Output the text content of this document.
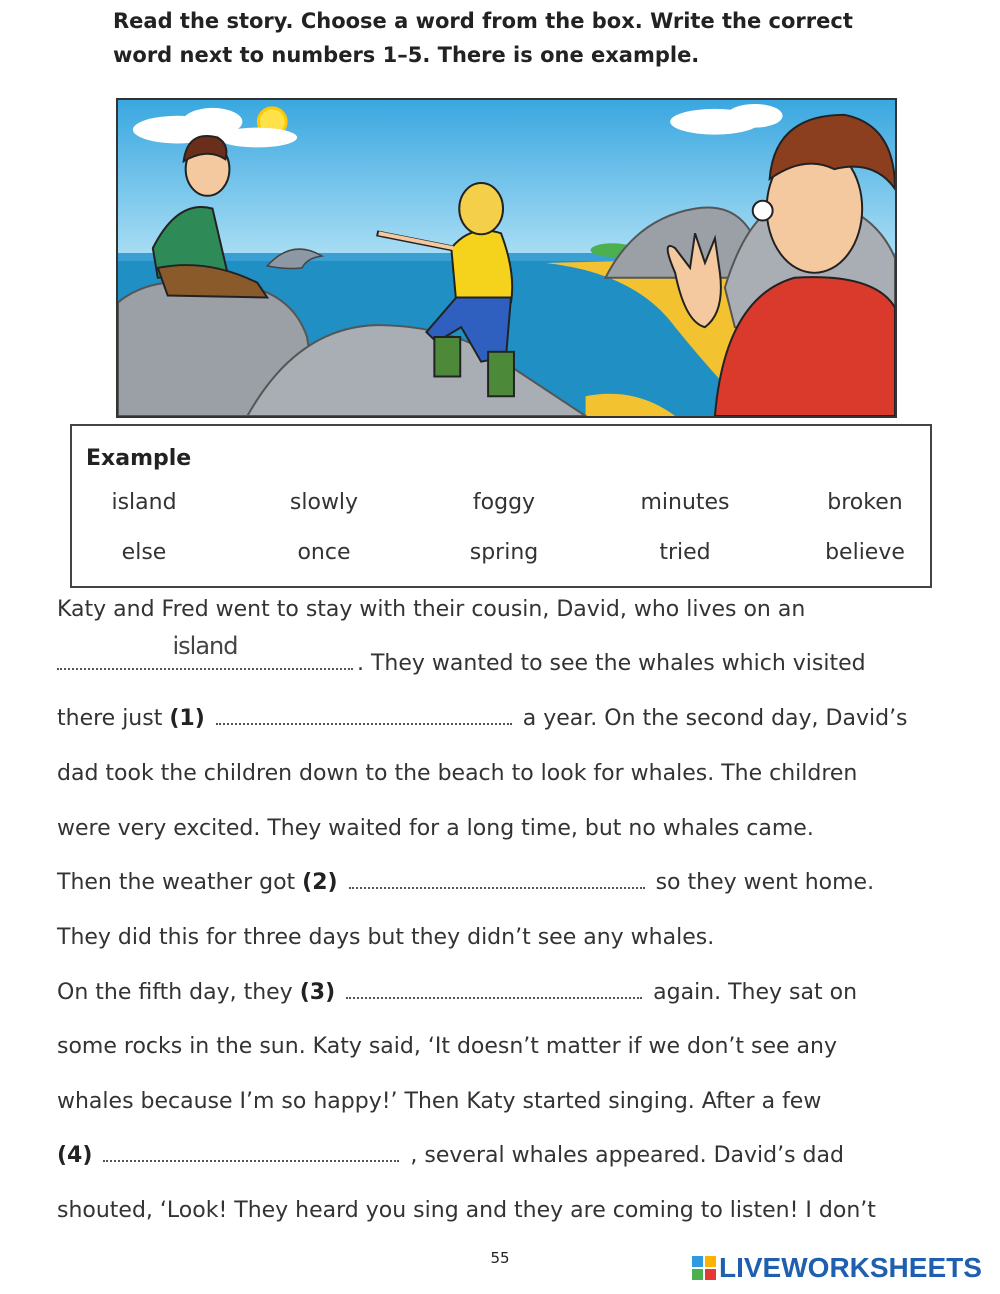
Read the story. Choose a word from the box. Write the correct
word next to numbers 1–5. There is one example.
Example
island	slowly	foggy	minutes	broken
else	once	spring	tried	believe
Katy and Fred went to stay with their cousin, David, who lives on an
island
. They wanted to see the whales which visited
there just (1)	a year. On the second day, David’s
dad took the children down to the beach to look for whales. The children
were very excited. They waited for a long time, but no whales came.
Then the weather got (2)	so they went home.
They did this for three days but they didn’t see any whales.
On the fifth day, they (3)	again. They sat on
some rocks in the sun. Katy said, ‘It doesn’t matter if we don’t see any
whales because I’m so happy!’ Then Katy started singing. After a few
(4)	, several whales appeared. David’s dad
shouted, ‘Look! They heard you sing and they are coming to listen! I don’t
55	LIVEWORKSHEETS
